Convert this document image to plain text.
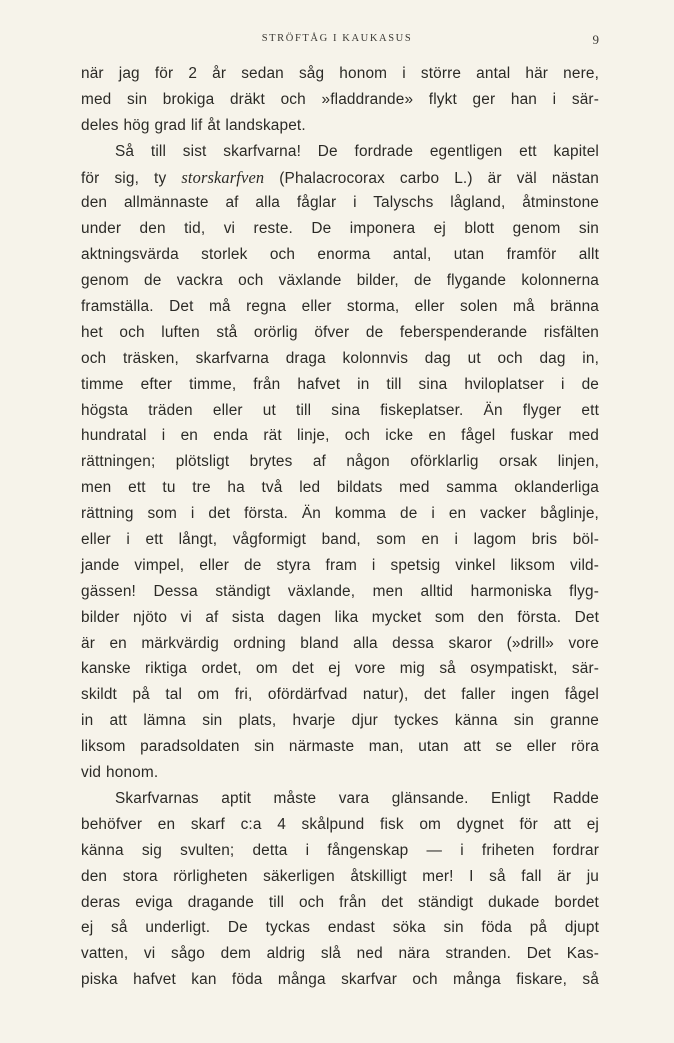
STRÖFTÅG I KAUKASUS	9
när jag för 2 år sedan såg honom i större antal här nere,
med sin brokiga dräkt och »fladdrande» flykt ger han i sär-
deles hög grad lif åt landskapet.
Så till sist skarfvarna! De fordrade egentligen ett kapitel
för sig, ty storskarfven (Phalacrocorax carbo L.) är väl nästan
den allmännaste af alla fåglar i Talyschs lågland, åtminstone
under den tid, vi reste. De imponera ej blott genom sin
aktningsvärda storlek och enorma antal, utan framför allt
genom de vackra och växlande bilder, de flygande kolonnerna
framställa. Det må regna eller storma, eller solen må bränna
het och luften stå orörlig öfver de feberspenderande risfälten
och träsken, skarfvarna draga kolonnvis dag ut och dag in,
timme efter timme, från hafvet in till sina hviloplatser i de
högsta träden eller ut till sina fiskeplatser. Än flyger ett
hundratal i en enda rät linje, och icke en fågel fuskar med
rättningen; plötsligt brytes af någon oförklarlig orsak linjen,
men ett tu tre ha två led bildats med samma oklanderliga
rättning som i det första. Än komma de i en vacker båglinje,
eller i ett långt, vågformigt band, som en i lagom bris böl-
jande vimpel, eller de styra fram i spetsig vinkel liksom vild-
gässen! Dessa ständigt växlande, men alltid harmoniska flyg-
bilder njöto vi af sista dagen lika mycket som den första. Det
är en märkvärdig ordning bland alla dessa skaror (»drill» vore
kanske riktiga ordet, om det ej vore mig så osympatiskt, sär-
skildt på tal om fri, ofördärfvad natur), det faller ingen fågel
in att lämna sin plats, hvarje djur tyckes känna sin granne
liksom paradsoldaten sin närmaste man, utan att se eller röra
vid honom.
Skarfvarnas aptit måste vara glänsande. Enligt Radde
behöfver en skarf c:a 4 skålpund fisk om dygnet för att ej
känna sig svulten; detta i fångenskap — i friheten fordrar
den stora rörligheten säkerligen åtskilligt mer! I så fall är ju
deras eviga dragande till och från det ständigt dukade bordet
ej så underligt. De tyckas endast söka sin föda på djupt
vatten, vi sågo dem aldrig slå ned nära stranden. Det Kas-
piska hafvet kan föda många skarfvar och många fiskare, så
